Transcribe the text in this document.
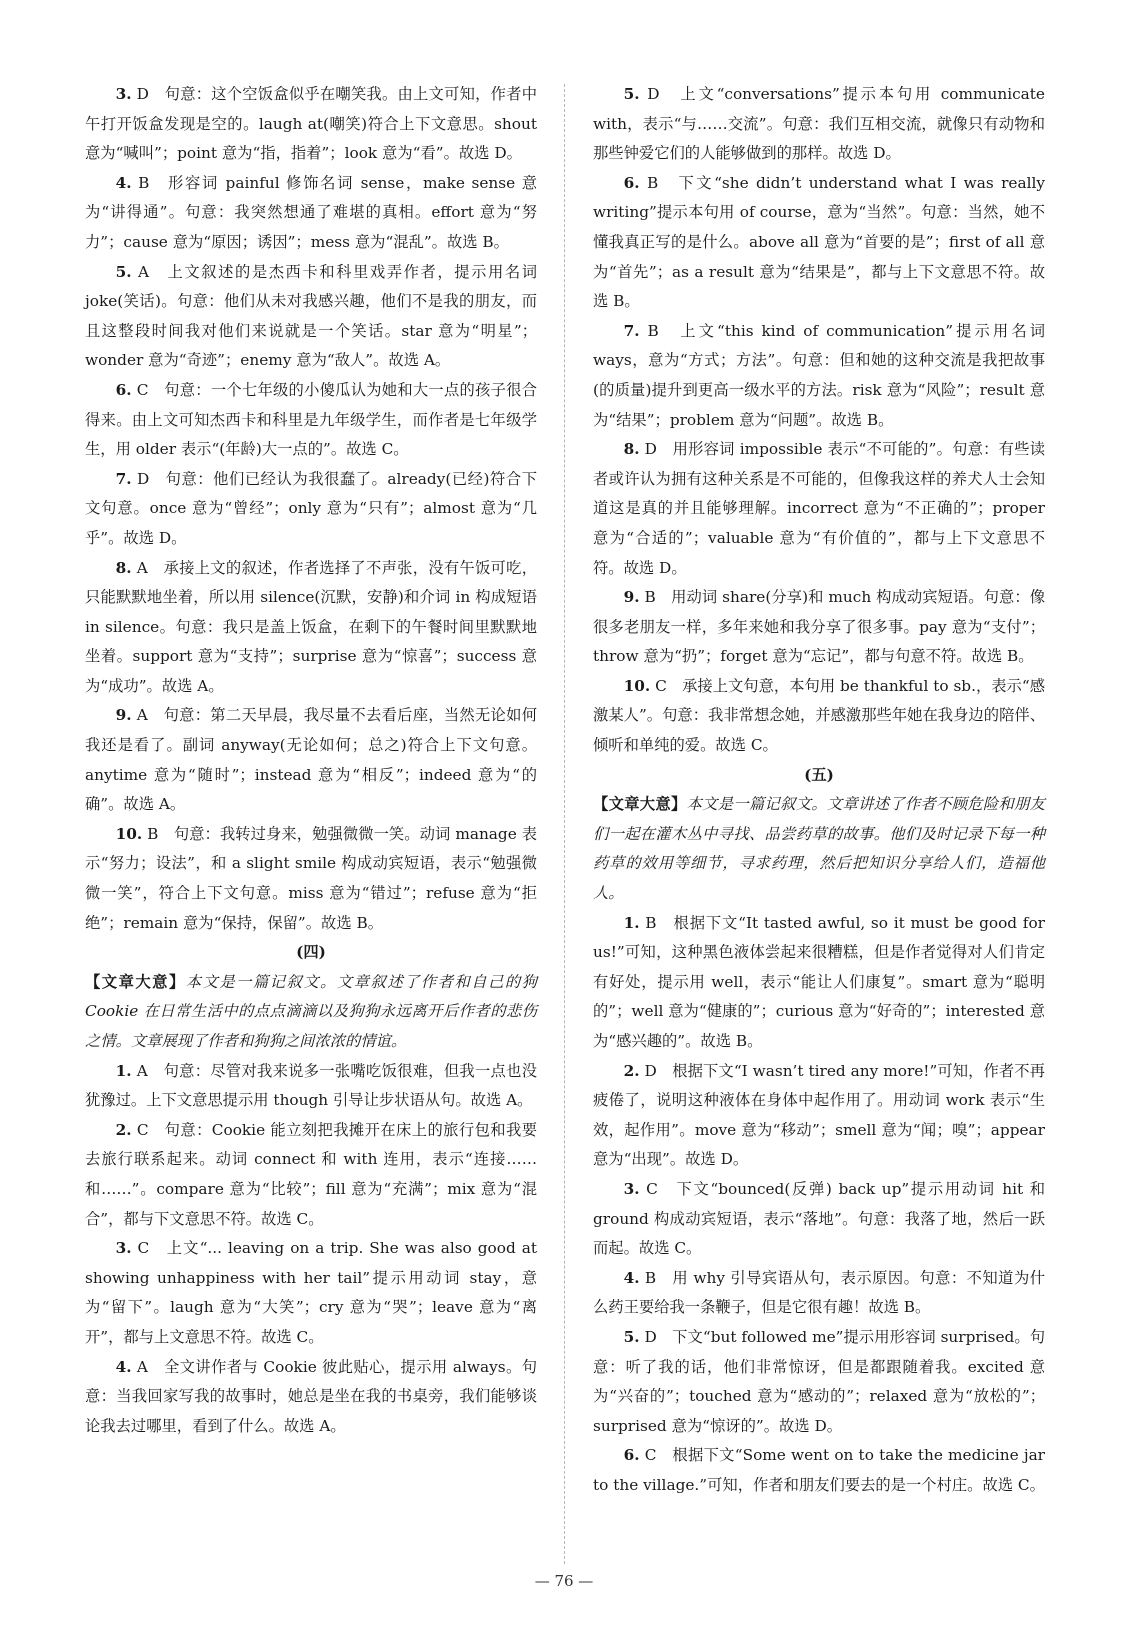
3. D　句意：这个空饭盒似乎在嘲笑我。由上文可知，作者中午打开饭盒发现是空的。laugh at(嘲笑)符合上下文意思。shout 意为“喊叫”；point 意为“指，指着”；look 意为“看”。故选 D。

4. B　形容词 painful 修饰名词 sense，make sense 意为“讲得通”。句意：我突然想通了难堪的真相。effort 意为“努力”；cause 意为“原因；诱因”；mess 意为“混乱”。故选 B。

5. A　上文叙述的是杰西卡和科里戏弄作者，提示用名词 joke(笑话)。句意：他们从未对我感兴趣，他们不是我的朋友，而且这整段时间我对他们来说就是一个笑话。star 意为“明星”；wonder 意为“奇迹”；enemy 意为“敌人”。故选 A。

6. C　句意：一个七年级的小傻瓜认为她和大一点的孩子很合得来。由上文可知杰西卡和科里是九年级学生，而作者是七年级学生，用 older 表示“(年龄)大一点的”。故选 C。

7. D　句意：他们已经认为我很蠢了。already(已经)符合下文句意。once 意为“曾经”；only 意为“只有”；almost 意为“几乎”。故选 D。

8. A　承接上文的叙述，作者选择了不声张，没有午饭可吃，只能默默地坐着，所以用 silence(沉默，安静)和介词 in 构成短语 in silence。句意：我只是盖上饭盒，在剩下的午餐时间里默默地坐着。support 意为“支持”；surprise 意为“惊喜”；success 意为“成功”。故选 A。

9. A　句意：第二天早晨，我尽量不去看后座，当然无论如何我还是看了。副词 anyway(无论如何；总之)符合上下文句意。anytime 意为“随时”；instead 意为“相反”；indeed 意为“的确”。故选 A。

10. B　句意：我转过身来，勉强微微一笑。动词 manage 表示“努力；设法”，和 a slight smile 构成动宾短语，表示“勉强微微一笑”，符合上下文句意。miss 意为“错过”；refuse 意为“拒绝”；remain 意为“保持，保留”。故选 B。

(四)

【文章大意】本文是一篇记叙文。文章叙述了作者和自己的狗 Cookie 在日常生活中的点点滴滴以及狗狗永远离开后作者的悲伤之情。文章展现了作者和狗狗之间浓浓的情谊。

1. A　句意：尽管对我来说多一张嘴吃饭很难，但我一点也没犹豫过。上下文意思提示用 though 引导让步状语从句。故选 A。

2. C　句意：Cookie 能立刻把我摊开在床上的旅行包和我要去旅行联系起来。动词 connect 和 with 连用，表示“连接……和……”。compare 意为“比较”；fill 意为“充满”；mix 意为“混合”，都与下文意思不符。故选 C。

3. C　上文“... leaving on a trip. She was also good at showing unhappiness with her tail”提示用动词 stay，意为“留下”。laugh 意为“大笑”；cry 意为“哭”；leave 意为“离开”，都与上文意思不符。故选 C。

4. A　全文讲作者与 Cookie 彼此贴心，提示用 always。句意：当我回家写我的故事时，她总是坐在我的书桌旁，我们能够谈论我去过哪里，看到了什么。故选 A。

5. D　上文“conversations”提示本句用 communicate with，表示“与……交流”。句意：我们互相交流，就像只有动物和那些钟爱它们的人能够做到的那样。故选 D。

6. B　下文“she didn’t understand what I was really writing”提示本句用 of course，意为“当然”。句意：当然，她不懂我真正写的是什么。above all 意为“首要的是”；first of all 意为“首先”；as a result 意为“结果是”，都与上下文意思不符。故选 B。

7. B　上文“this kind of communication”提示用名词 ways，意为“方式；方法”。句意：但和她的这种交流是我把故事(的质量)提升到更高一级水平的方法。risk 意为“风险”；result 意为“结果”；problem 意为“问题”。故选 B。

8. D　用形容词 impossible 表示“不可能的”。句意：有些读者或许认为拥有这种关系是不可能的，但像我这样的养犬人士会知道这是真的并且能够理解。incorrect 意为“不正确的”；proper 意为“合适的”；valuable 意为“有价值的”，都与上下文意思不符。故选 D。

9. B　用动词 share(分享)和 much 构成动宾短语。句意：像很多老朋友一样，多年来她和我分享了很多事。pay 意为“支付”；throw 意为“扔”；forget 意为“忘记”，都与句意不符。故选 B。

10. C　承接上文句意，本句用 be thankful to sb.，表示“感激某人”。句意：我非常想念她，并感激那些年她在我身边的陪伴、倾听和单纯的爱。故选 C。

(五)

【文章大意】本文是一篇记叙文。文章讲述了作者不顾危险和朋友们一起在灌木丛中寻找、品尝药草的故事。他们及时记录下每一种药草的效用等细节，寻求药理，然后把知识分享给人们，造福他人。

1. B　根据下文“It tasted awful, so it must be good for us!”可知，这种黑色液体尝起来很糟糕，但是作者觉得对人们肯定有好处，提示用 well，表示“能让人们康复”。smart 意为“聪明的”；well 意为“健康的”；curious 意为“好奇的”；interested 意为“感兴趣的”。故选 B。

2. D　根据下文“I wasn’t tired any more!”可知，作者不再疲倦了，说明这种液体在身体中起作用了。用动词 work 表示“生效，起作用”。move 意为“移动”；smell 意为“闻；嗅”；appear 意为“出现”。故选 D。

3. C　下文“bounced(反弹) back up”提示用动词 hit 和 ground 构成动宾短语，表示“落地”。句意：我落了地，然后一跃而起。故选 C。

4. B　用 why 引导宾语从句，表示原因。句意：不知道为什么药王要给我一条鞭子，但是它很有趣！故选 B。

5. D　下文“but followed me”提示用形容词 surprised。句意：听了我的话，他们非常惊讶，但是都跟随着我。excited 意为“兴奋的”；touched 意为“感动的”；relaxed 意为“放松的”；surprised 意为“惊讶的”。故选 D。

6. C　根据下文“Some went on to take the medicine jar to the village.”可知，作者和朋友们要去的是一个村庄。故选 C。

— 76 —
